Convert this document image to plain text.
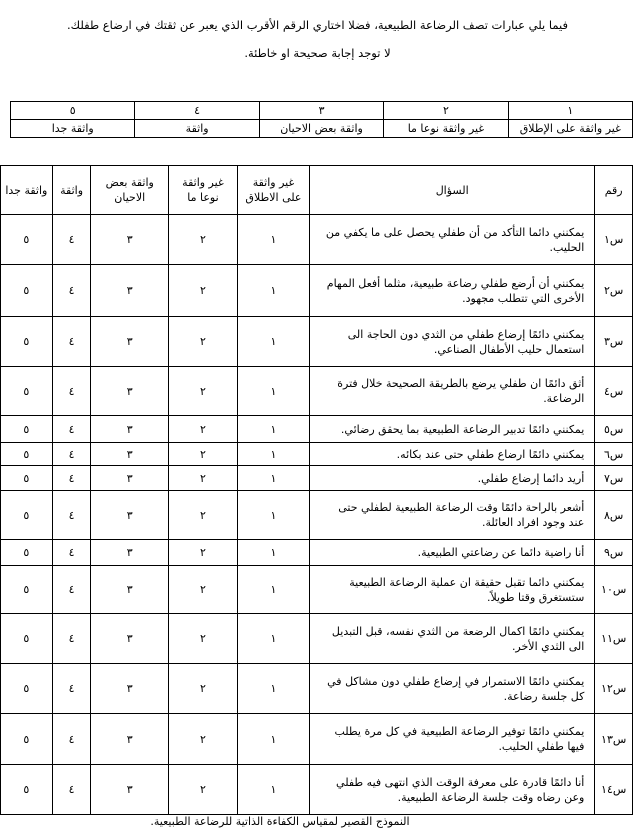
فيما يلي عبارات تصف الرضاعة الطبيعية، فضلا اختاري الرقم الأقرب الذي يعبر عن ثقتك في ارضاع طفلك.
لا توجد إجابة صحيحة او خاطئة.
١	٢	٣	٤	٥
غير واثقة على الإطلاق	غير واثقة نوعا ما	واثقة بعض الاحيان	واثقة	واثقة جدا
رقم	السؤال	غير واثقة على الاطلاق	غير واثقة نوعا ما	واثقة بعض الاحيان	واثقة	واثقة جدا
س١	يمكنني دائما التأكد من أن طفلي يحصل على ما يكفي من الحليب.	١	٢	٣	٤	٥
س٢	يمكنني أن أرضع طفلي رضاعة طبيعية، مثلما أفعل المهام الأخرى التي تتطلب مجهود.	١	٢	٣	٤	٥
س٣	يمكنني دائمًا إرضاع طفلي من الثدي دون الحاجة الى استعمال حليب الأطفال الصناعي.	١	٢	٣	٤	٥
س٤	أثق دائمًا ان طفلي يرضع بالطريقة الصحيحة خلال فترة الرضاعة.	١	٢	٣	٤	٥
س٥	يمكنني دائمًا تدبير الرضاعة الطبيعية بما يحقق رضائي.	١	٢	٣	٤	٥
س٦	يمكنني دائمًا ارضاع طفلي حتى عند بكائه.	١	٢	٣	٤	٥
س٧	أريد دائما إرضاع طفلي.	١	٢	٣	٤	٥
س٨	أشعر بالراحة دائمًا وقت الرضاعة الطبيعية لطفلي حتى عند وجود افراد العائلة.	١	٢	٣	٤	٥
س٩	أنا راضية دائما عن رضاعتي الطبيعية.	١	٢	٣	٤	٥
س١٠	يمكنني دائما تقبل حقيقة ان عملية الرضاعة الطبيعية ستستغرق وقتا طويلاً.	١	٢	٣	٤	٥
س١١	يمكنني دائمًا اكمال الرضعة من الثدي نفسه، قبل التبديل الى الثدي الأخر.	١	٢	٣	٤	٥
س١٢	يمكنني دائمًا الاستمرار في إرضاع طفلي دون مشاكل في كل جلسة رضاعة.	١	٢	٣	٤	٥
س١٣	يمكنني دائمًا توفير الرضاعة الطبيعية في كل مرة يطلب فيها طفلي الحليب.	١	٢	٣	٤	٥
س١٤	أنا دائمًا قادرة على معرفة الوقت الذي انتهى فيه طفلي وعن رضاه وقت جلسة الرضاعة الطبيعية.	١	٢	٣	٤	٥
النموذج القصير لمقياس الكفاءة الذاتية للرضاعة الطبيعية.
